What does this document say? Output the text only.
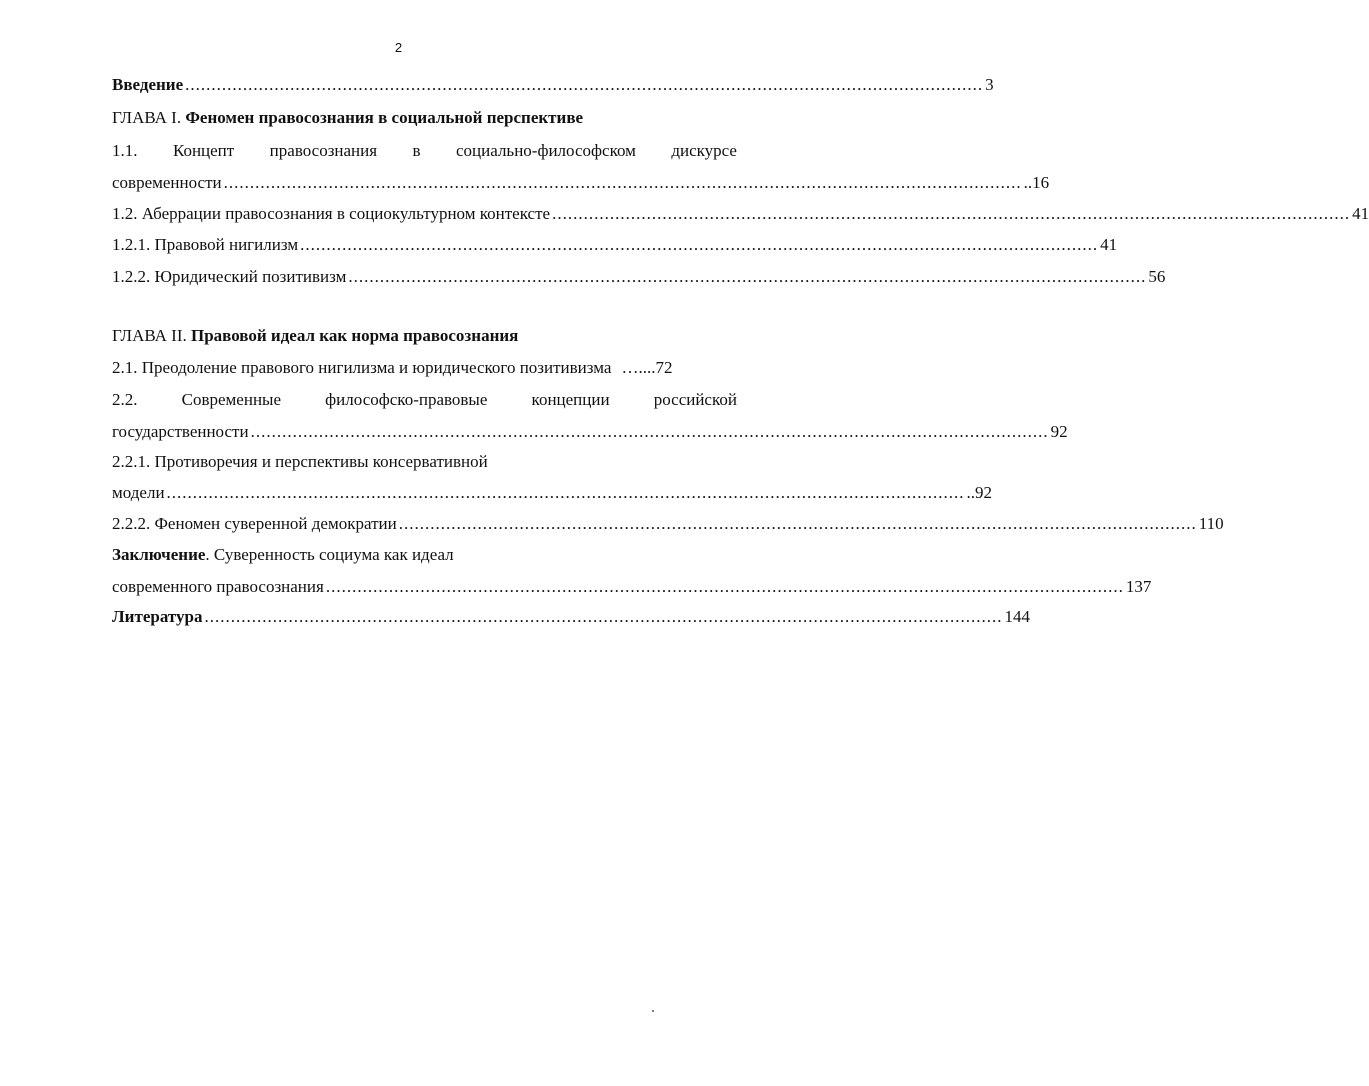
2
Введение ........................................................................................................................................................ 3
ГЛАВА I. Феномен правосознания в социальной перспективе
1.1. Концепт правосознания в социально-философском дискурсе
современности ........................................................................................................................................................ ..16
1.2. Аберрации правосознания в социокультурном контексте ........................................................................................................................................................ 41
1.2.1. Правовой нигилизм ........................................................................................................................................................ 41
1.2.2. Юридический позитивизм ........................................................................................................................................................ 56
ГЛАВА II. Правовой идеал как норма правосознания
2.1. Преодоление правового нигилизма и юридического позитивизма …....72
2.2.	Современные	философско-правовые	концепции	российской
государственности ........................................................................................................................................................ 92
2.2.1. Противоречия и перспективы консервативной
модели ........................................................................................................................................................ ..92
2.2.2. Феномен суверенной демократии ........................................................................................................................................................ 110
Заключение. Суверенность социума как идеал
современного правосознания ........................................................................................................................................................ 137
Литература ........................................................................................................................................................ 144
